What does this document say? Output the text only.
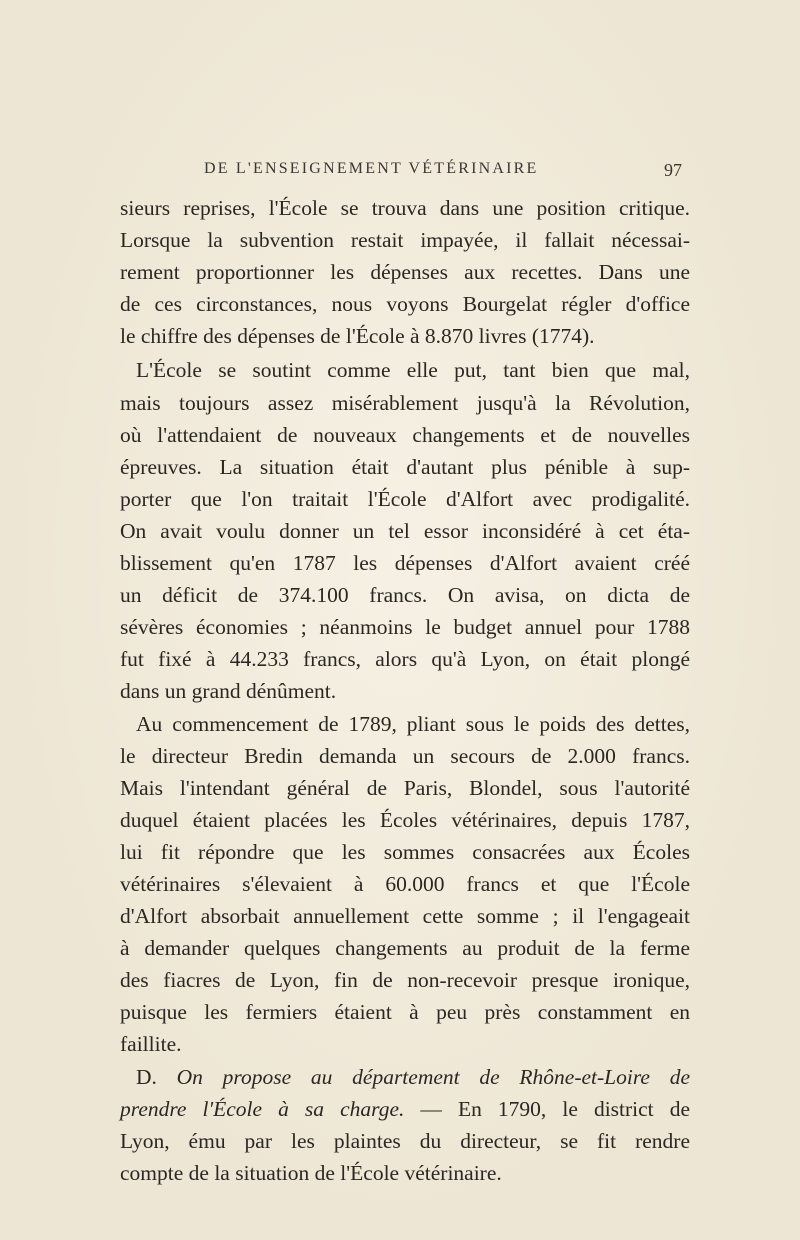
DE L'ENSEIGNEMENT VÉTÉRINAIRE	97

sieurs reprises, l'École se trouva dans une position critique.

Lorsque la subvention restait impayée, il fallait nécessai-

rement proportionner les dépenses aux recettes. Dans une

de ces circonstances, nous voyons Bourgelat régler d'office

le chiffre des dépenses de l'École à 8.870 livres (1774).

L'École se soutint comme elle put, tant bien que mal,

mais toujours assez misérablement jusqu'à la Révolution,

où l'attendaient de nouveaux changements et de nouvelles

épreuves. La situation était d'autant plus pénible à sup-

porter que l'on traitait l'École d'Alfort avec prodigalité.

On avait voulu donner un tel essor inconsidéré à cet éta-

blissement qu'en 1787 les dépenses d'Alfort avaient créé

un déficit de 374.100 francs. On avisa, on dicta de

sévères économies ; néanmoins le budget annuel pour 1788

fut fixé à 44.233 francs, alors qu'à Lyon, on était plongé

dans un grand dénûment.

Au commencement de 1789, pliant sous le poids des dettes,

le directeur Bredin demanda un secours de 2.000 francs.

Mais l'intendant général de Paris, Blondel, sous l'autorité

duquel étaient placées les Écoles vétérinaires, depuis 1787,

lui fit répondre que les sommes consacrées aux Écoles

vétérinaires s'élevaient à 60.000 francs et que l'École

d'Alfort absorbait annuellement cette somme ; il l'engageait

à demander quelques changements au produit de la ferme

des fiacres de Lyon, fin de non-recevoir presque ironique,

puisque les fermiers étaient à peu près constamment en

faillite.

D. On propose au département de Rhône-et-Loire de

prendre l'École à sa charge. — En 1790, le district de

Lyon, ému par les plaintes du directeur, se fit rendre

compte de la situation de l'École vétérinaire.
